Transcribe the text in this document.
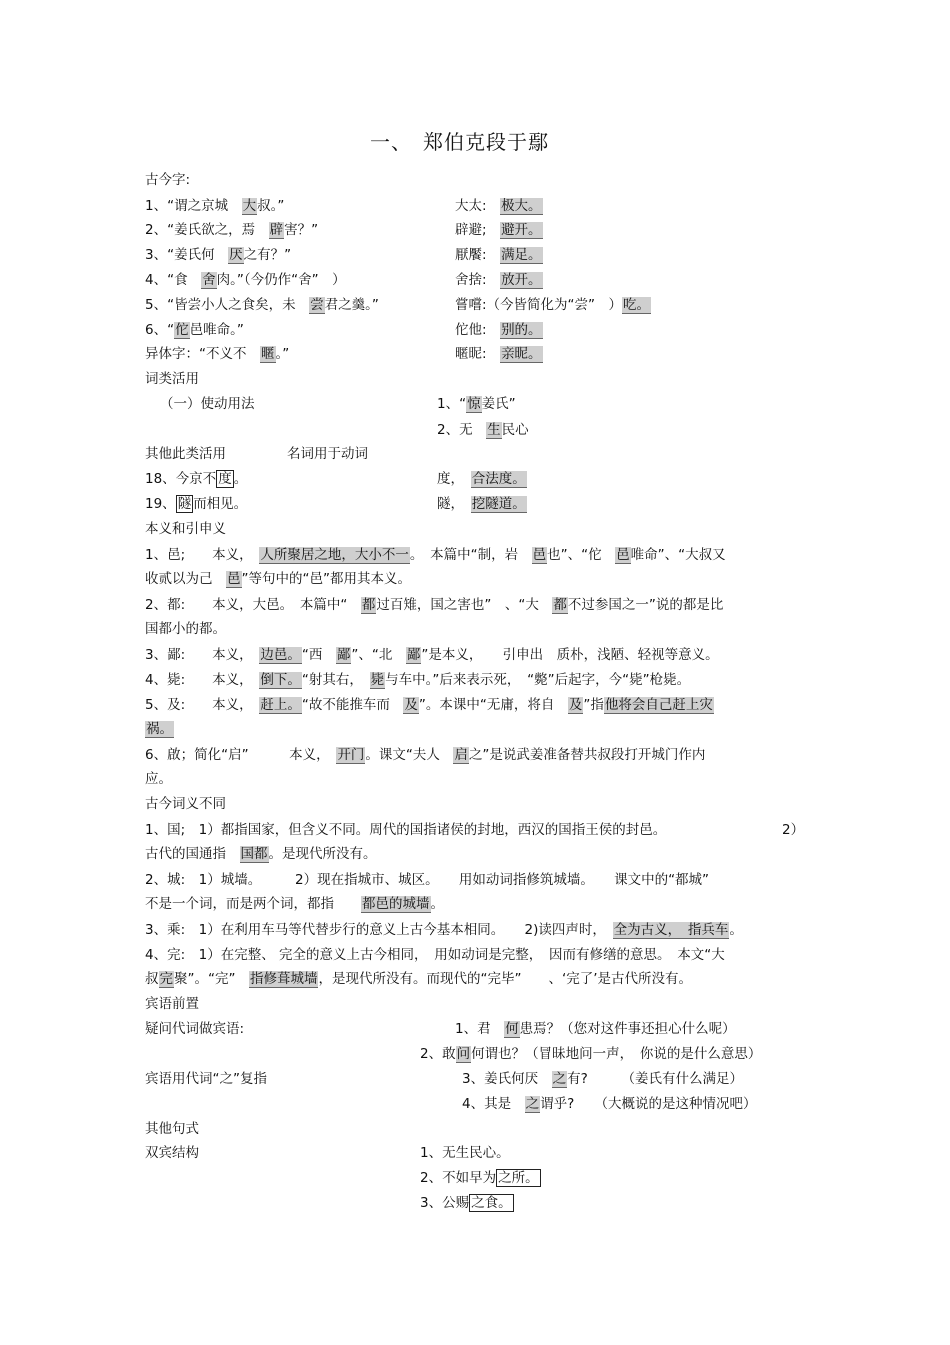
一、　郑伯克段于鄢
古今字:
1、“谓之京城　大叔。”	大太:　极大。
2、“姜氏欲之，焉　辟害？”	辟避;　避开。
3、“姜氏何　厌之有？”	厭饜:　满足。
4、“食　舍肉。”（今仍作“舍”　）	舍捨:　放开。
5、“皆尝小人之食矣，未　尝君之羹。”	嘗嚐:（今皆简化为“尝”　）吃。
6、“佗邑唯命。”	佗他:　别的。
异体字：“不义不　暱。”	暱昵:　亲昵。
词类活用
（一）使动用法	1、“惊姜氏”
2、无　生民心
其他此类活用	名词用于动词
18、今京不 度 。	度，　合法度。
19、 隧 而相见。	隧，　挖隧道。
本义和引申义
1、邑;　　本义，　人所聚居之地，大小不一。　本篇中“制，岩　邑也”、“佗　邑唯命”、“大叔又
收贰以为己　邑”等句中的“邑”都用其本义。
2、都:　　本义，大邑。　本篇中“　都过百雉，国之害也”　、“大　都不过参国之一”说的都是比
国都小的都。
3、鄙:　　本义，　边邑。“西　鄙”、“北　鄙”是本义，　　引申出　质朴，浅陋、轻视等意义。
4、毙:　　本义，　倒下。“射其右，　毙与车中。”后来表示死，　“斃”后起字，今“毙”枪毙。
5、及:　　本义，　赶上。“故不能推车而　及”。本课中“无庸，将自　及”指他将会自己赶上灾
祸。
6、啟；简化“启”　　　本义，　开门。课文“夫人　启之”是说武姜准备替共叔段打开城门作内
应。
古今词义不同
1、国;　1）都指国家，但含义不同。周代的国指诸侯的封地，西汉的国指王侯的封邑。	2）
古代的国通指　国都。是现代所没有。
2、城:　1）城墙。　　　2）现在指城市、城区。　　用如动词指修筑城墙。　　课文中的“都城”
不是一个词，而是两个词，都指　　都邑的城墙。
3、乘:　1）在利用车马等代替步行的意义上古今基本相同。　　2)读四声时，　全为古义，　指兵车。
4、完:　1）在完整、 完全的意义上古今相同，　用如动词是完整，　因而有修缮的意思。　本文“大
叔完聚”。“完”　指修葺城墙，是现代所没有。而现代的“完毕”　　、‘完了’是古代所没有。
宾语前置
疑问代词做宾语:	1、君　何患焉？（您对这件事还担心什么呢）
2、敢问何谓也？（冒昧地问一声，　你说的是什么意思）
宾语用代词“之”复指	3、姜氏何厌　之有?　　　（姜氏有什么满足）
4、其是　之谓乎?　　（大概说的是这种情况吧）
其他句式
双宾结构	1、无生民心。
2、不如早为 之所。
3、公赐 之食。
